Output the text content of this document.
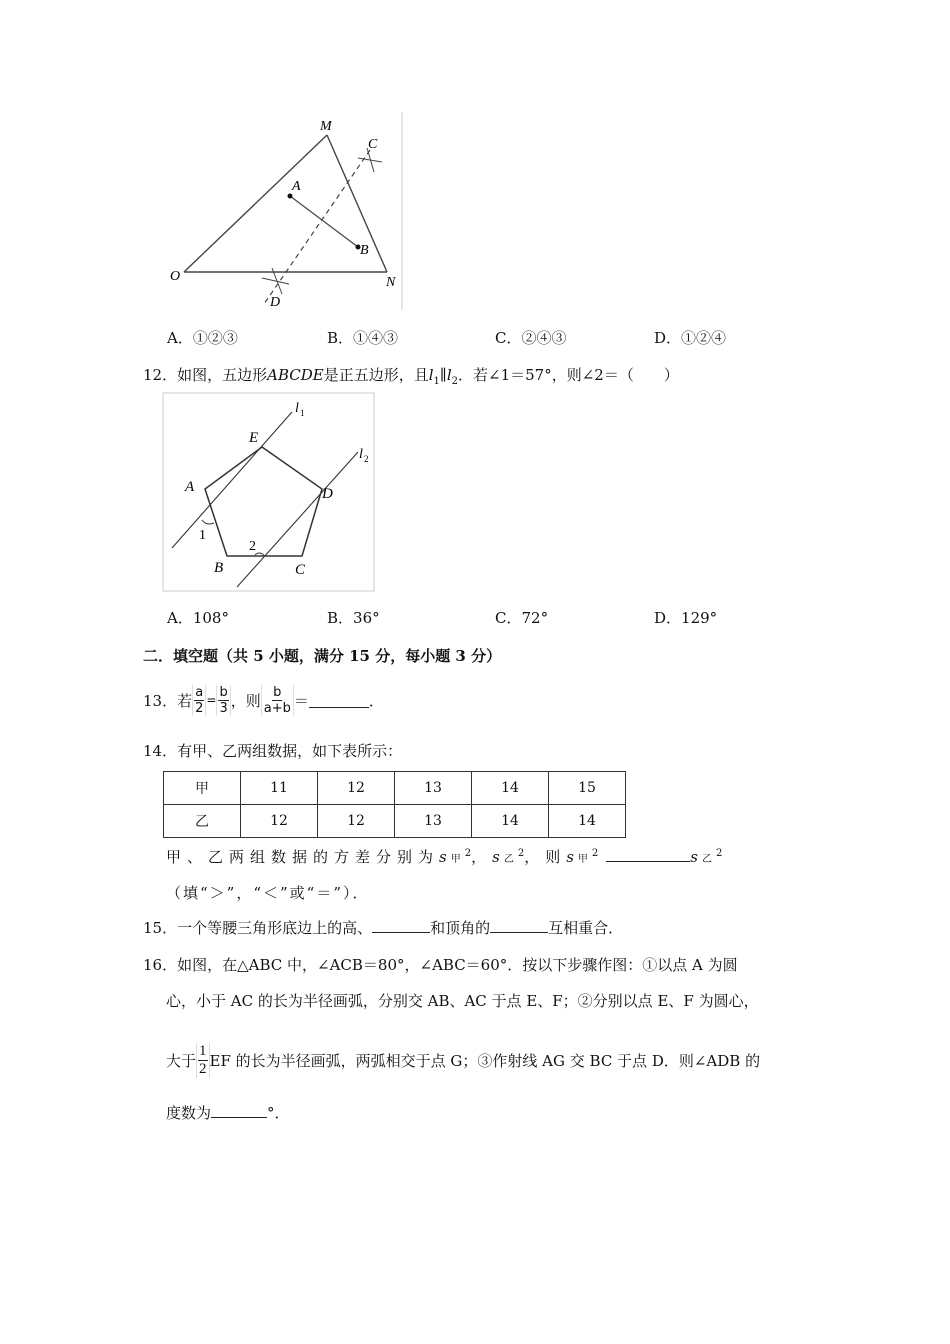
M
C
A
B
O	N
D
A．①②③	B．①④③	C．②④③	D．①②④
12．如图，五边形ABCDE是正五边形，且$l_1\parallel l_2$．若∠1＝57°，则∠2＝（　　）
l 1
l 2
E
A	D
1
2
B	C
A．108°	B．36°	C．72°	D．129°
二．填空题（共 5 小题，满分 15 分，每小题 3 分）
13． 若 $\frac{a}{2} = \frac{b}{3}$ ，则 $\frac{b}{a+b}$ ＝	．
14．有甲、乙两组数据，如下表所示：
甲	11	12	13	14	15
乙	12	12	13	14	14
甲、乙两组数据的方差分别为s 甲$^2$， s 乙$^2$， 则 s 甲$^2$	s 乙$^2$
（填“＞”，“＜”或“＝”）．
15．一个等腰三角形底边上的高、	和顶角的	互相重合．
16．如图，在△ABC 中，∠ACB＝80°，∠ABC＝60°．按以下步骤作图：①以点 A 为圆
心，小于 AC 的长为半径画弧，分别交 AB、AC 于点 E、F；②分别以点 E、F 为圆心，
大于 $\frac{1}{2}$ EF 的长为半径画弧，两弧相交于点 G；③作射线 AG 交 BC 于点 D．则∠ADB 的
度数为	°．
